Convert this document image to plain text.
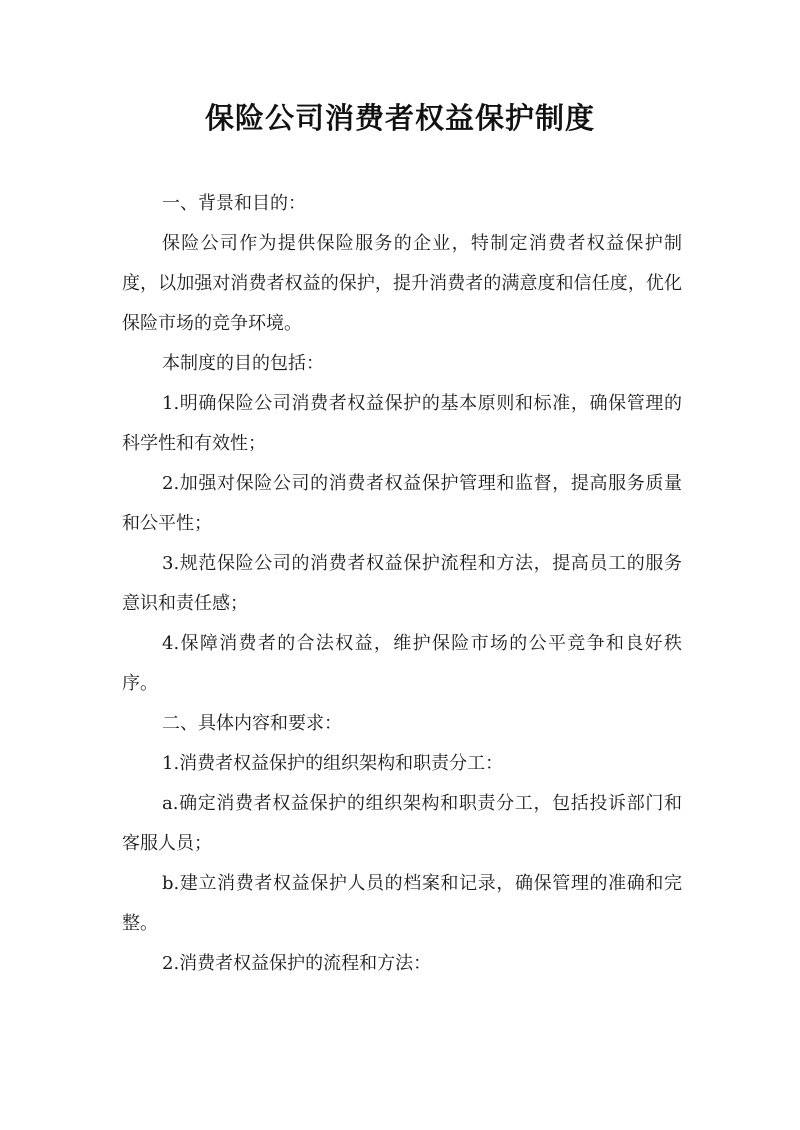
保险公司消费者权益保护制度

一、背景和目的：

保险公司作为提供保险服务的企业，特制定消费者权益保护制度，以加强对消费者权益的保护，提升消费者的满意度和信任度，优化保险市场的竞争环境。

本制度的目的包括：

1.明确保险公司消费者权益保护的基本原则和标准，确保管理的科学性和有效性；

2.加强对保险公司的消费者权益保护管理和监督，提高服务质量和公平性；

3.规范保险公司的消费者权益保护流程和方法，提高员工的服务意识和责任感；

4.保障消费者的合法权益，维护保险市场的公平竞争和良好秩序。

二、具体内容和要求：

1.消费者权益保护的组织架构和职责分工：

a.确定消费者权益保护的组织架构和职责分工，包括投诉部门和客服人员；

b.建立消费者权益保护人员的档案和记录，确保管理的准确和完整。

2.消费者权益保护的流程和方法：
